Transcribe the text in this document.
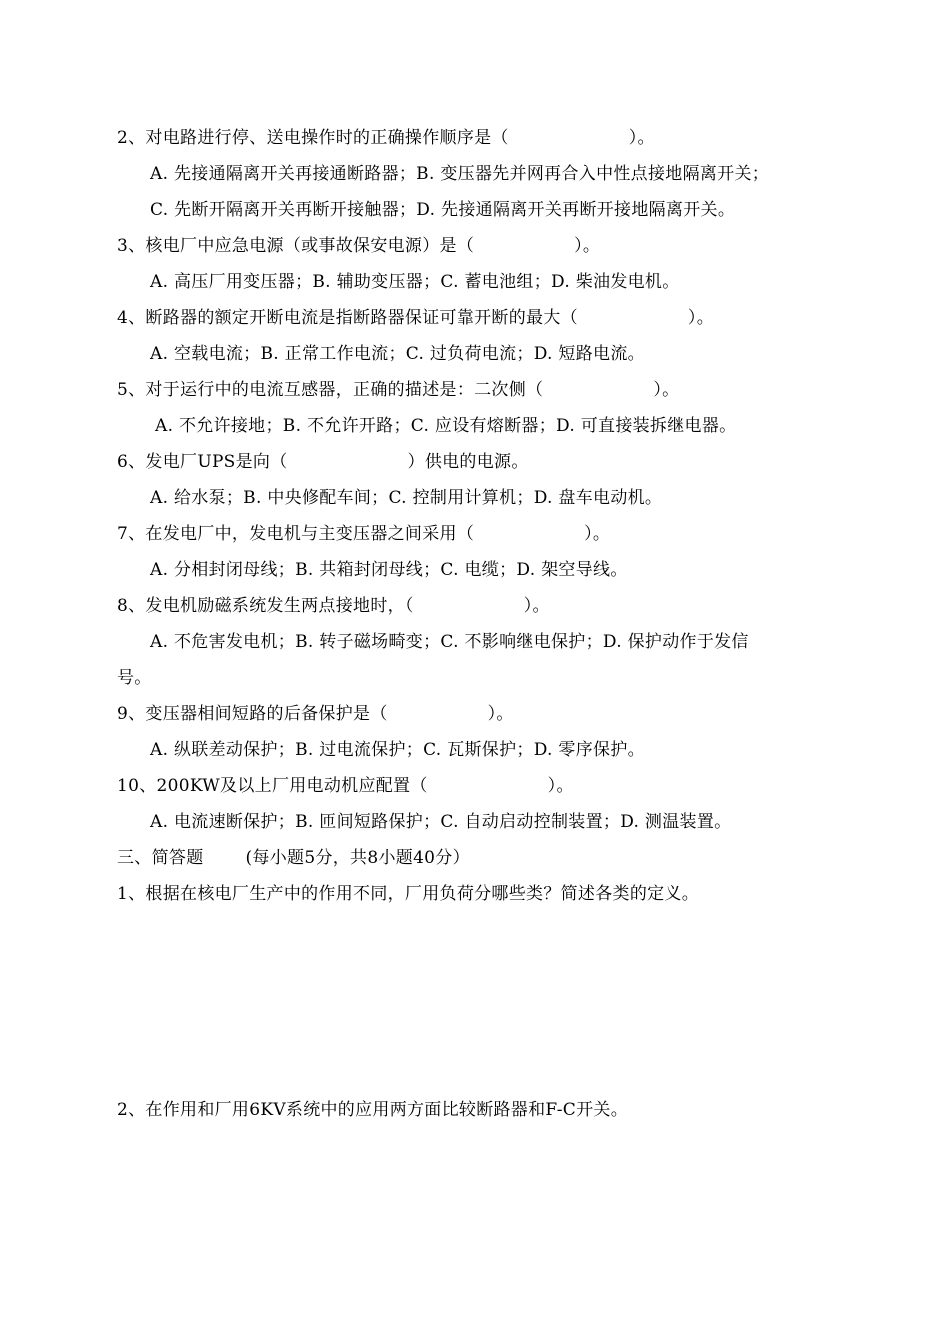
2、对电路进行停、送电操作时的正确操作顺序是（	）。
A. 先接通隔离开关再接通断路器；B. 变压器先并网再合入中性点接地隔离开关；
C. 先断开隔离开关再断开接触器；D. 先接通隔离开关再断开接地隔离开关。
3、核电厂中应急电源（或事故保安电源）是（	）。
A. 高压厂用变压器；B. 辅助变压器；C. 蓄电池组；D. 柴油发电机。
4、断路器的额定开断电流是指断路器保证可靠开断的最大（	）。
A. 空载电流；B. 正常工作电流；C. 过负荷电流；D. 短路电流。
5、对于运行中的电流互感器，正确的描述是：二次侧（	）。
A. 不允许接地；B. 不允许开路；C. 应设有熔断器；D. 可直接装拆继电器。
6、发电厂UPS是向（	）供电的电源。
A. 给水泵；B. 中央修配车间；C. 控制用计算机；D. 盘车电动机。
7、在发电厂中，发电机与主变压器之间采用（	）。
A. 分相封闭母线；B. 共箱封闭母线；C. 电缆；D. 架空导线。
8、发电机励磁系统发生两点接地时，（	）。
A. 不危害发电机；B. 转子磁场畸变；C. 不影响继电保护；D. 保护动作于发信
号。
9、变压器相间短路的后备保护是（	）。
A. 纵联差动保护；B. 过电流保护；C. 瓦斯保护；D. 零序保护。
10、200KW及以上厂用电动机应配置（	）。
A. 电流速断保护；B. 匝间短路保护；C. 自动启动控制装置；D. 测温装置。
三、简答题 (每小题5分，共8小题40分）
1、根据在核电厂生产中的作用不同，厂用负荷分哪些类？简述各类的定义。
2、在作用和厂用6KV系统中的应用两方面比较断路器和F-C开关。
